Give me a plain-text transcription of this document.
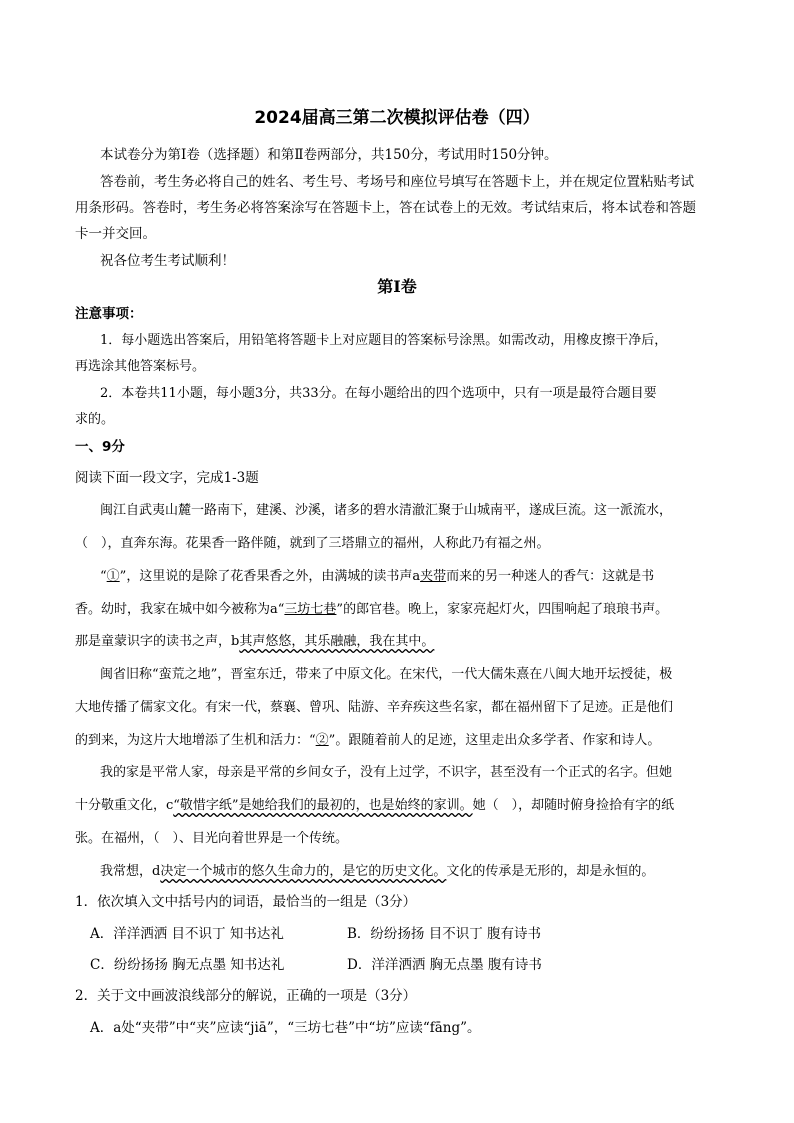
2024届高三第二次模拟评估卷（四）
本试卷分为第Ⅰ卷（选择题）和第Ⅱ卷两部分，共150分，考试用时150分钟。
答卷前，考生务必将自己的姓名、考生号、考场号和座位号填写在答题卡上，并在规定位置粘贴考试
用条形码。答卷时，考生务必将答案涂写在答题卡上，答在试卷上的无效。考试结束后，将本试卷和答题
卡一并交回。
祝各位考生考试顺利！
第Ⅰ卷
注意事项：
1．每小题选出答案后，用铅笔将答题卡上对应题目的答案标号涂黑。如需改动，用橡皮擦干净后，
再选涂其他答案标号。
2．本卷共11小题，每小题3分，共33分。在每小题给出的四个选项中，只有一项是最符合题目要
求的。
一、9分
阅读下面一段文字，完成1-3题
闽江自武夷山麓一路南下，建溪、沙溪，诸多的碧水清澈汇聚于山城南平，遂成巨流。这一派流水，
（　），直奔东海。花果香一路伴随，就到了三塔鼎立的福州，人称此乃有福之州。
“①”，这里说的是除了花香果香之外，由满城的读书声a夹带而来的另一种迷人的香气：这就是书
香。幼时，我家在城中如今被称为a“三坊七巷”的郎官巷。晚上，家家亮起灯火，四围响起了琅琅书声。
那是童蒙识字的读书之声，b其声悠悠，其乐融融，我在其中。
闽省旧称“蛮荒之地”，晋室东迁，带来了中原文化。在宋代，一代大儒朱熹在八闽大地开坛授徒，极
大地传播了儒家文化。有宋一代，蔡襄、曾巩、陆游、辛弃疾这些名家，都在福州留下了足迹。正是他们
的到来，为这片大地增添了生机和活力：“②”。跟随着前人的足迹，这里走出众多学者、作家和诗人。
我的家是平常人家，母亲是平常的乡间女子，没有上过学，不识字，甚至没有一个正式的名字。但她
十分敬重文化，c“敬惜字纸”是她给我们的最初的，也是始终的家训。她（　），却随时俯身捡拾有字的纸
张。在福州，（　）、目光向着世界是一个传统。
我常想，d决定一个城市的悠久生命力的，是它的历史文化。文化的传承是无形的，却是永恒的。
1．依次填入文中括号内的词语，最恰当的一组是（3分）
A．洋洋洒洒 目不识丁 知书达礼	B．纷纷扬扬 目不识丁 腹有诗书
C．纷纷扬扬 胸无点墨 知书达礼	D．洋洋洒洒 胸无点墨 腹有诗书
2．关于文中画波浪线部分的解说，正确的一项是（3分）
A．a处“夹带”中“夹”应读“jiā”，“三坊七巷”中“坊”应读“fāng”。
